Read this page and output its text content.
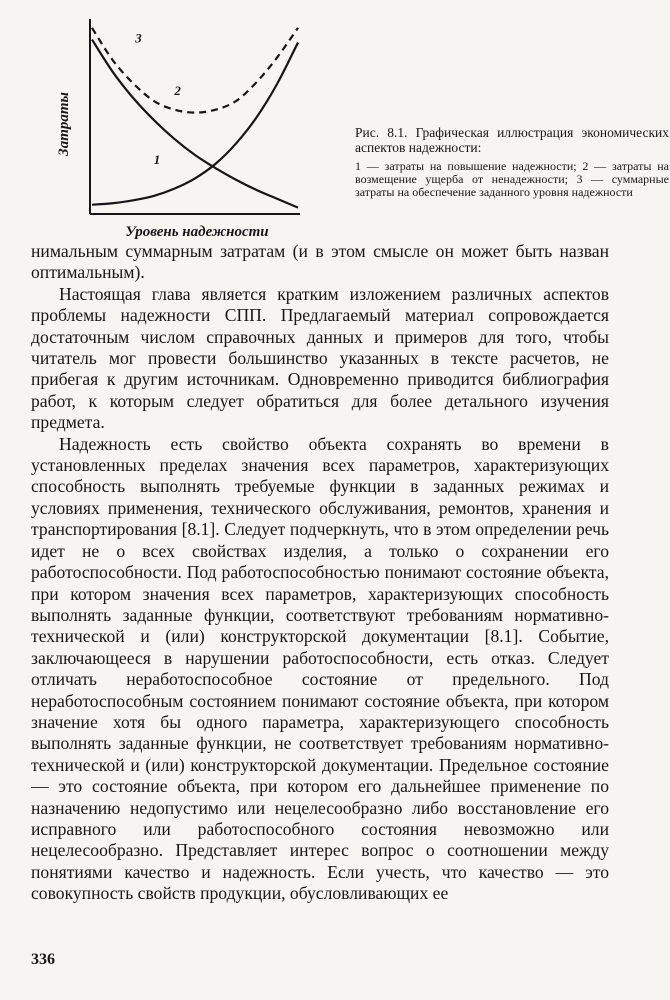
1
2
3
Затраты
Уровень надежности

Рис. 8.1. Графическая иллюстрация экономических аспектов надежности:

1 — затраты на повышение надежности; 2 — затраты на возмещение ущерба от ненадежности; 3 — суммарные затраты на обеспечение заданного уровня надежности

нимальным суммарным затратам (и в этом смысле он может быть назван оптимальным).

Настоящая глава является кратким изложением различных аспектов проблемы надежности СПП. Предлагаемый материал сопровождается достаточным числом справочных данных и примеров для того, чтобы читатель мог провести большинство указанных в тексте расчетов, не прибегая к другим источникам. Одновременно приводится библиография работ, к которым следует обратиться для более детального изучения предмета.

Надежность есть свойство объекта сохранять во времени в установленных пределах значения всех параметров, характеризующих способность выполнять требуемые функции в заданных режимах и условиях применения, технического обслуживания, ремонтов, хранения и транспортирования [8.1]. Следует подчеркнуть, что в этом определении речь идет не о всех свойствах изделия, а только о сохранении его работоспособности. Под работоспособностью понимают состояние объекта, при котором значения всех параметров, характеризующих способность выполнять заданные функции, соответствуют требованиям нормативно-технической и (или) конструкторской документации [8.1]. Событие, заключающееся в нарушении работоспособности, есть отказ. Следует отличать неработоспособное состояние от предельного. Под неработоспособным состоянием понимают состояние объекта, при котором значение хотя бы одного параметра, характеризующего способность выполнять заданные функции, не соответствует требованиям нормативно-технической и (или) конструкторской документации. Предельное состояние — это состояние объекта, при котором его дальнейшее применение по назначению недопустимо или нецелесообразно либо восстановление его исправного или работоспособного состояния невозможно или нецелесообразно. Представляет интерес вопрос о соотношении между понятиями качество и надежность. Если учесть, что качество — это совокупность свойств продукции, обусловливающих ее

336
